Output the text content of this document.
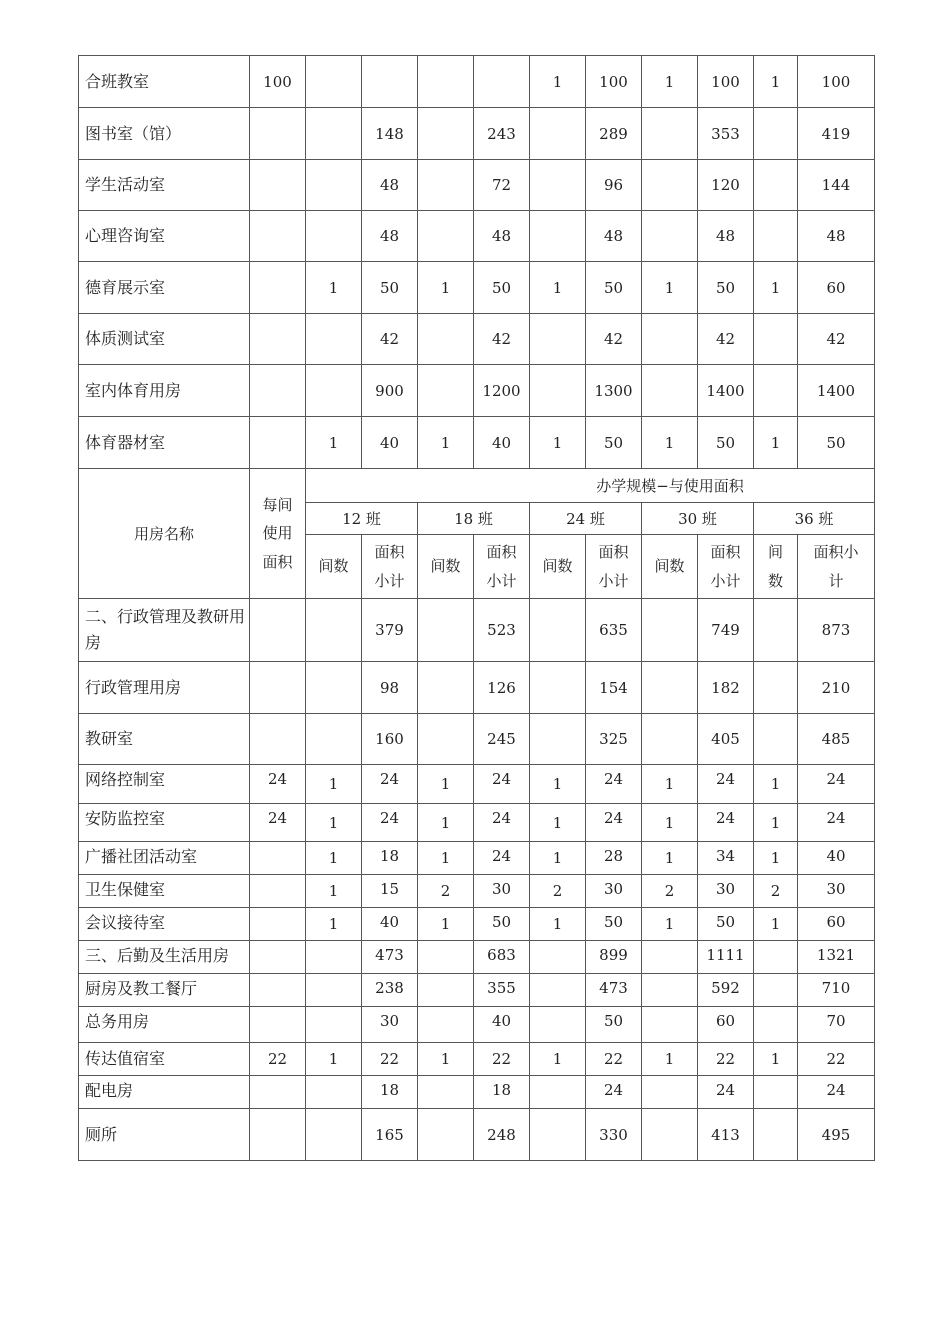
合班教室	100					1	100	1	100	1	100
图书室（馆）			148		243		289		353		419
学生活动室			48		72		96		120		144
心理咨询室			48		48		48		48		48
德育展示室		1	50	1	50	1	50	1	50	1	60
体质测试室			42		42		42		42		42
室内体育用房			900		1200		1300		1400		1400
体育器材室		1	40	1	40	1	50	1	50	1	50
用房名称	每间使用面积	办学规模−与使用面积									
		12 班		18 班		24 班		30 班		36 班	
		间数	面积小计	间数	面积小计	间数	面积小计	间数	面积小计	间数	面积小计
二、行政管理及教研用房			379		523		635		749		873
行政管理用房			98		126		154		182		210
教研室			160		245		325		405		485
网络控制室	24	1	24	1	24	1	24	1	24	1	24
安防监控室	24	1	24	1	24	1	24	1	24	1	24
广播社团活动室		1	18	1	24	1	28	1	34	1	40
卫生保健室		1	15	2	30	2	30	2	30	2	30
会议接待室		1	40	1	50	1	50	1	50	1	60
三、后勤及生活用房			473		683		899		1111		1321
厨房及教工餐厅			238		355		473		592		710
总务用房			30		40		50		60		70
传达值宿室	22	1	22	1	22	1	22	1	22	1	22
配电房			18		18		24		24		24
厕所			165		248		330		413		495
